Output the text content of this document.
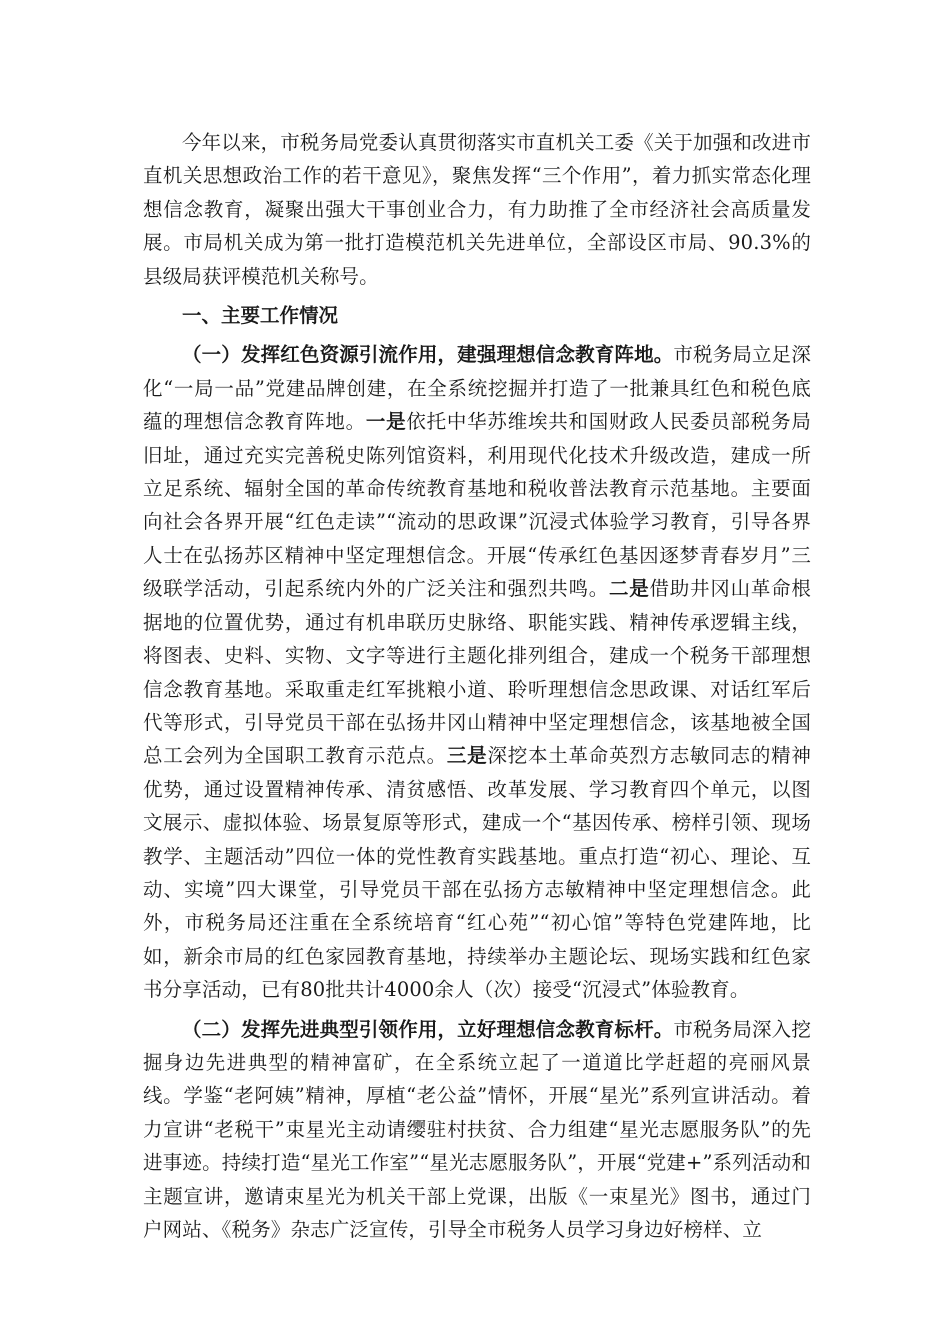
今年以来，市税务局党委认真贯彻落实市直机关工委《关于加强和改进市直机关思想政治工作的若干意见》，聚焦发挥“三个作用”，着力抓实常态化理想信念教育，凝聚出强大干事创业合力，有力助推了全市经济社会高质量发展。市局机关成为第一批打造模范机关先进单位，全部设区市局、90.3%的县级局获评模范机关称号。

一、主要工作情况

（一）发挥红色资源引流作用，建强理想信念教育阵地。市税务局立足深化“一局一品”党建品牌创建，在全系统挖掘并打造了一批兼具红色和税色底蕴的理想信念教育阵地。一是依托中华苏维埃共和国财政人民委员部税务局旧址，通过充实完善税史陈列馆资料，利用现代化技术升级改造，建成一所立足系统、辐射全国的革命传统教育基地和税收普法教育示范基地。主要面向社会各界开展“红色走读”“流动的思政课”沉浸式体验学习教育，引导各界人士在弘扬苏区精神中坚定理想信念。开展“传承红色基因逐梦青春岁月”三级联学活动，引起系统内外的广泛关注和强烈共鸣。二是借助井冈山革命根据地的位置优势，通过有机串联历史脉络、职能实践、精神传承逻辑主线，将图表、史料、实物、文字等进行主题化排列组合，建成一个税务干部理想信念教育基地。采取重走红军挑粮小道、聆听理想信念思政课、对话红军后代等形式，引导党员干部在弘扬井冈山精神中坚定理想信念，该基地被全国总工会列为全国职工教育示范点。三是深挖本土革命英烈方志敏同志的精神优势，通过设置精神传承、清贫感悟、改革发展、学习教育四个单元，以图文展示、虚拟体验、场景复原等形式，建成一个“基因传承、榜样引领、现场教学、主题活动”四位一体的党性教育实践基地。重点打造“初心、理论、互动、实境”四大课堂，引导党员干部在弘扬方志敏精神中坚定理想信念。此外，市税务局还注重在全系统培育“红心苑”“初心馆”等特色党建阵地，比如，新余市局的红色家园教育基地，持续举办主题论坛、现场实践和红色家书分享活动，已有80批共计4000余人（次）接受“沉浸式”体验教育。

（二）发挥先进典型引领作用，立好理想信念教育标杆。市税务局深入挖掘身边先进典型的精神富矿，在全系统立起了一道道比学赶超的亮丽风景线。学鉴“老阿姨”精神，厚植“老公益”情怀，开展“星光”系列宣讲活动。着力宣讲“老税干”束星光主动请缨驻村扶贫、合力组建“星光志愿服务队”的先进事迹。持续打造“星光工作室”“星光志愿服务队”，开展“党建+”系列活动和主题宣讲，邀请束星光为机关干部上党课，出版《一束星光》图书，通过门户网站、《税务》杂志广泛宣传，引导全市税务人员学习身边好榜样、立
